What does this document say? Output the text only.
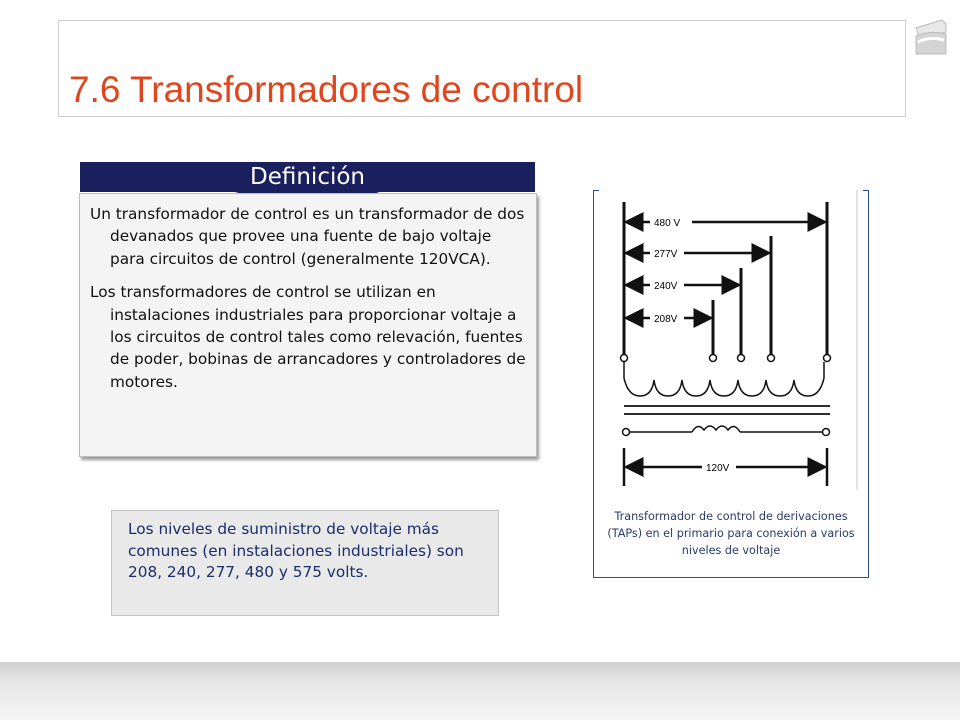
7.6 Transformadores de control
Definición

Un transformador de control es un transformador de dos devanados que provee una fuente de bajo voltaje para circuitos de control (generalmente 120VCA).

Los transformadores de control se utilizan en instalaciones industriales para proporcionar voltaje a los circuitos de control tales como relevación, fuentes de poder, bobinas de arrancadores y controladores de motores.

Los niveles de suministro de voltaje más comunes (en instalaciones industriales) son 208, 240, 277, 480 y 575 volts.
480 V
277V
240V
208V
120V
Transformador de control de derivaciones (TAPs) en el primario para conexión a varios niveles de voltaje
